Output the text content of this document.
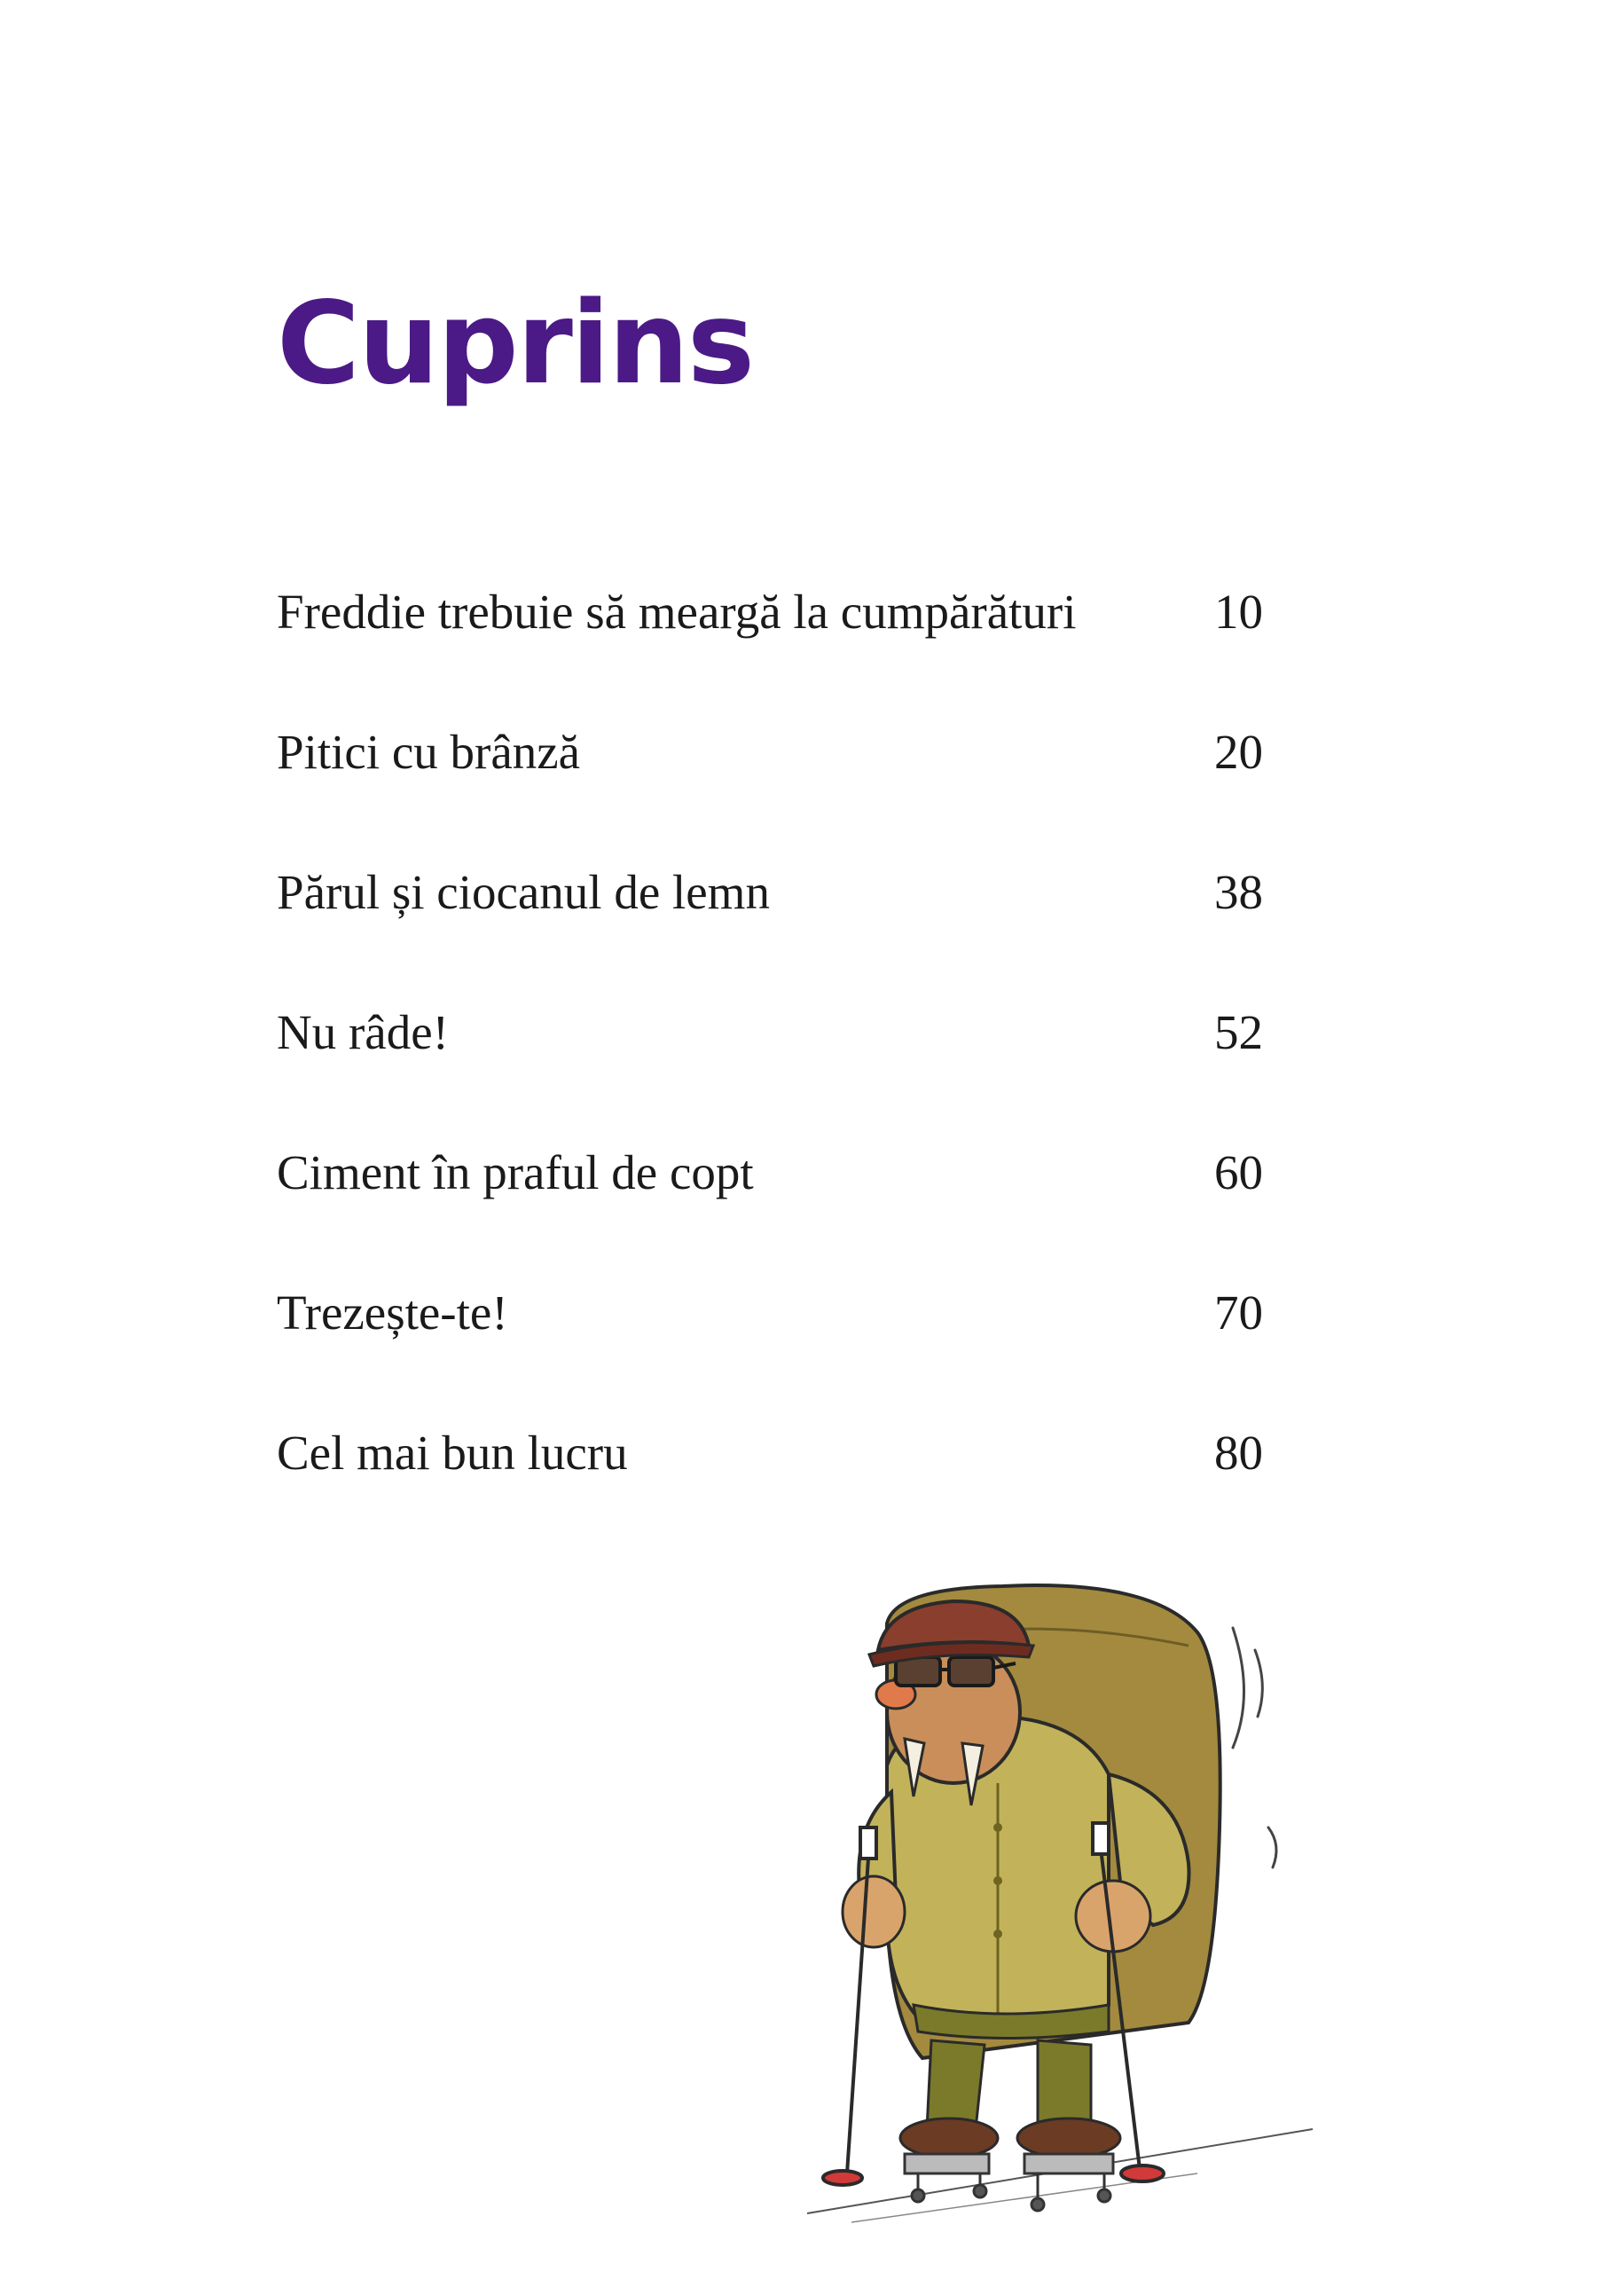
Cuprins
Freddie trebuie să meargă la cumpărături	10
Pitici cu brânză	20
Părul și ciocanul de lemn	38
Nu râde!	52
Ciment în praful de copt	60
Trezește-te!	70
Cel mai bun lucru	80
